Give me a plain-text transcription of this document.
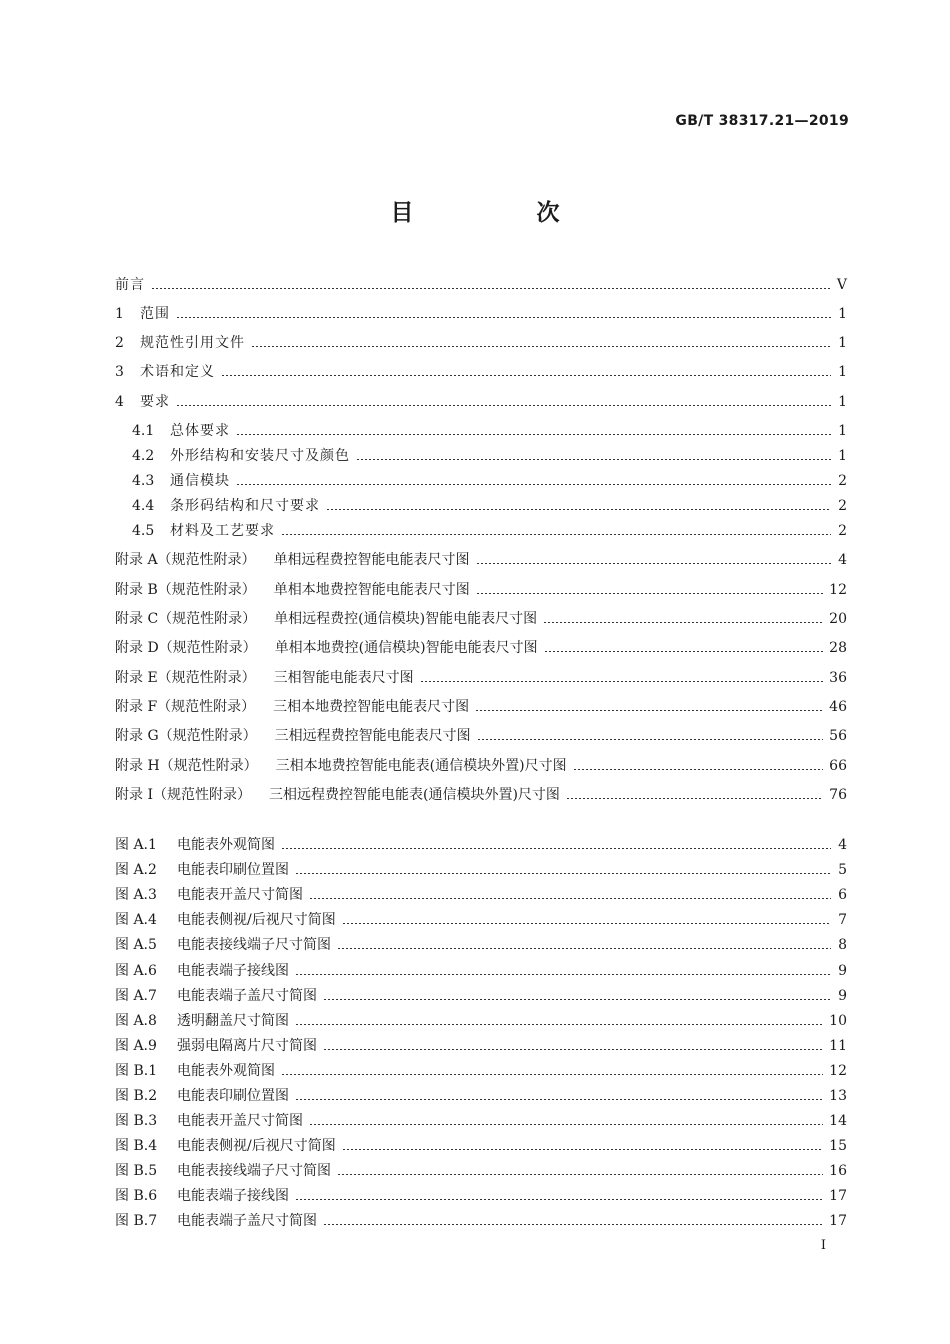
GB/T 38317.21—2019
目　次
前言	V
1	范围	1
2	规范性引用文件	1
3	术语和定义	1
4	要求	1
4.1	总体要求	1
4.2	外形结构和安装尺寸及颜色	1
4.3	通信模块	2
4.4	条形码结构和尺寸要求	2
4.5	材料及工艺要求	2
附录 A（规范性附录） 单相远程费控智能电能表尺寸图	4
附录 B（规范性附录） 单相本地费控智能电能表尺寸图	12
附录 C（规范性附录） 单相远程费控(通信模块)智能电能表尺寸图	20
附录 D（规范性附录） 单相本地费控(通信模块)智能电能表尺寸图	28
附录 E（规范性附录） 三相智能电能表尺寸图	36
附录 F（规范性附录） 三相本地费控智能电能表尺寸图	46
附录 G（规范性附录） 三相远程费控智能电能表尺寸图	56
附录 H（规范性附录） 三相本地费控智能电能表(通信模块外置)尺寸图	66
附录 I（规范性附录） 三相远程费控智能电能表(通信模块外置)尺寸图	76
图 A.1	电能表外观简图	4
图 A.2	电能表印刷位置图	5
图 A.3	电能表开盖尺寸简图	6
图 A.4	电能表侧视/后视尺寸简图	7
图 A.5	电能表接线端子尺寸简图	8
图 A.6	电能表端子接线图	9
图 A.7	电能表端子盖尺寸简图	9
图 A.8	透明翻盖尺寸简图	10
图 A.9	强弱电隔离片尺寸简图	11
图 B.1	电能表外观简图	12
图 B.2	电能表印刷位置图	13
图 B.3	电能表开盖尺寸简图	14
图 B.4	电能表侧视/后视尺寸简图	15
图 B.5	电能表接线端子尺寸简图	16
图 B.6	电能表端子接线图	17
图 B.7	电能表端子盖尺寸简图	17
I
